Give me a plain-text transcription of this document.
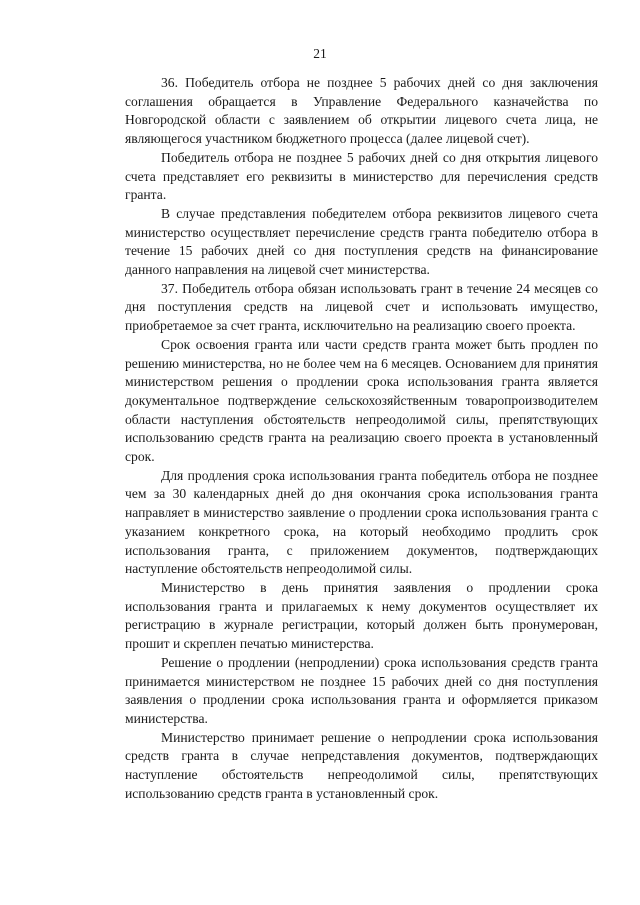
21

36. Победитель отбора не позднее 5 рабочих дней со дня заключения соглашения обращается в Управление Федерального казначейства по Новгородской области с заявлением об открытии лицевого счета лица, не являющегося участником бюджетного процесса (далее лицевой счет).

Победитель отбора не позднее 5 рабочих дней со дня открытия лицевого счета представляет его реквизиты в министерство для перечисления средств гранта.

В случае представления победителем отбора реквизитов лицевого счета министерство осуществляет перечисление средств гранта победителю отбора в течение 15 рабочих дней со дня поступления средств на финансирование данного направления на лицевой счет министерства.

37. Победитель отбора обязан использовать грант в течение 24 месяцев со дня поступления средств на лицевой счет и использовать имущество, приобретаемое за счет гранта, исключительно на реализацию своего проекта.

Срок освоения гранта или части средств гранта может быть продлен по решению министерства, но не более чем на 6 месяцев. Основанием для принятия министерством решения о продлении срока использования гранта является документальное подтверждение сельскохозяйственным товаропроизводителем области наступления обстоятельств непреодолимой силы, препятствующих использованию средств гранта на реализацию своего проекта в установленный срок.

Для продления срока использования гранта победитель отбора не позднее чем за 30 календарных дней до дня окончания срока использования гранта направляет в министерство заявление о продлении срока использования гранта с указанием конкретного срока, на который необходимо продлить срок использования гранта, с приложением документов, подтверждающих наступление обстоятельств непреодолимой силы.

Министерство в день принятия заявления о продлении срока использования гранта и прилагаемых к нему документов осуществляет их регистрацию в журнале регистрации, который должен быть пронумерован, прошит и скреплен печатью министерства.

Решение о продлении (непродлении) срока использования средств гранта принимается министерством не позднее 15 рабочих дней со дня поступления заявления о продлении срока использования гранта и оформляется приказом министерства.

Министерство принимает решение о непродлении срока использования средств гранта в случае непредставления документов, подтверждающих наступление обстоятельств непреодолимой силы, препятствующих использованию средств гранта в установленный срок.
